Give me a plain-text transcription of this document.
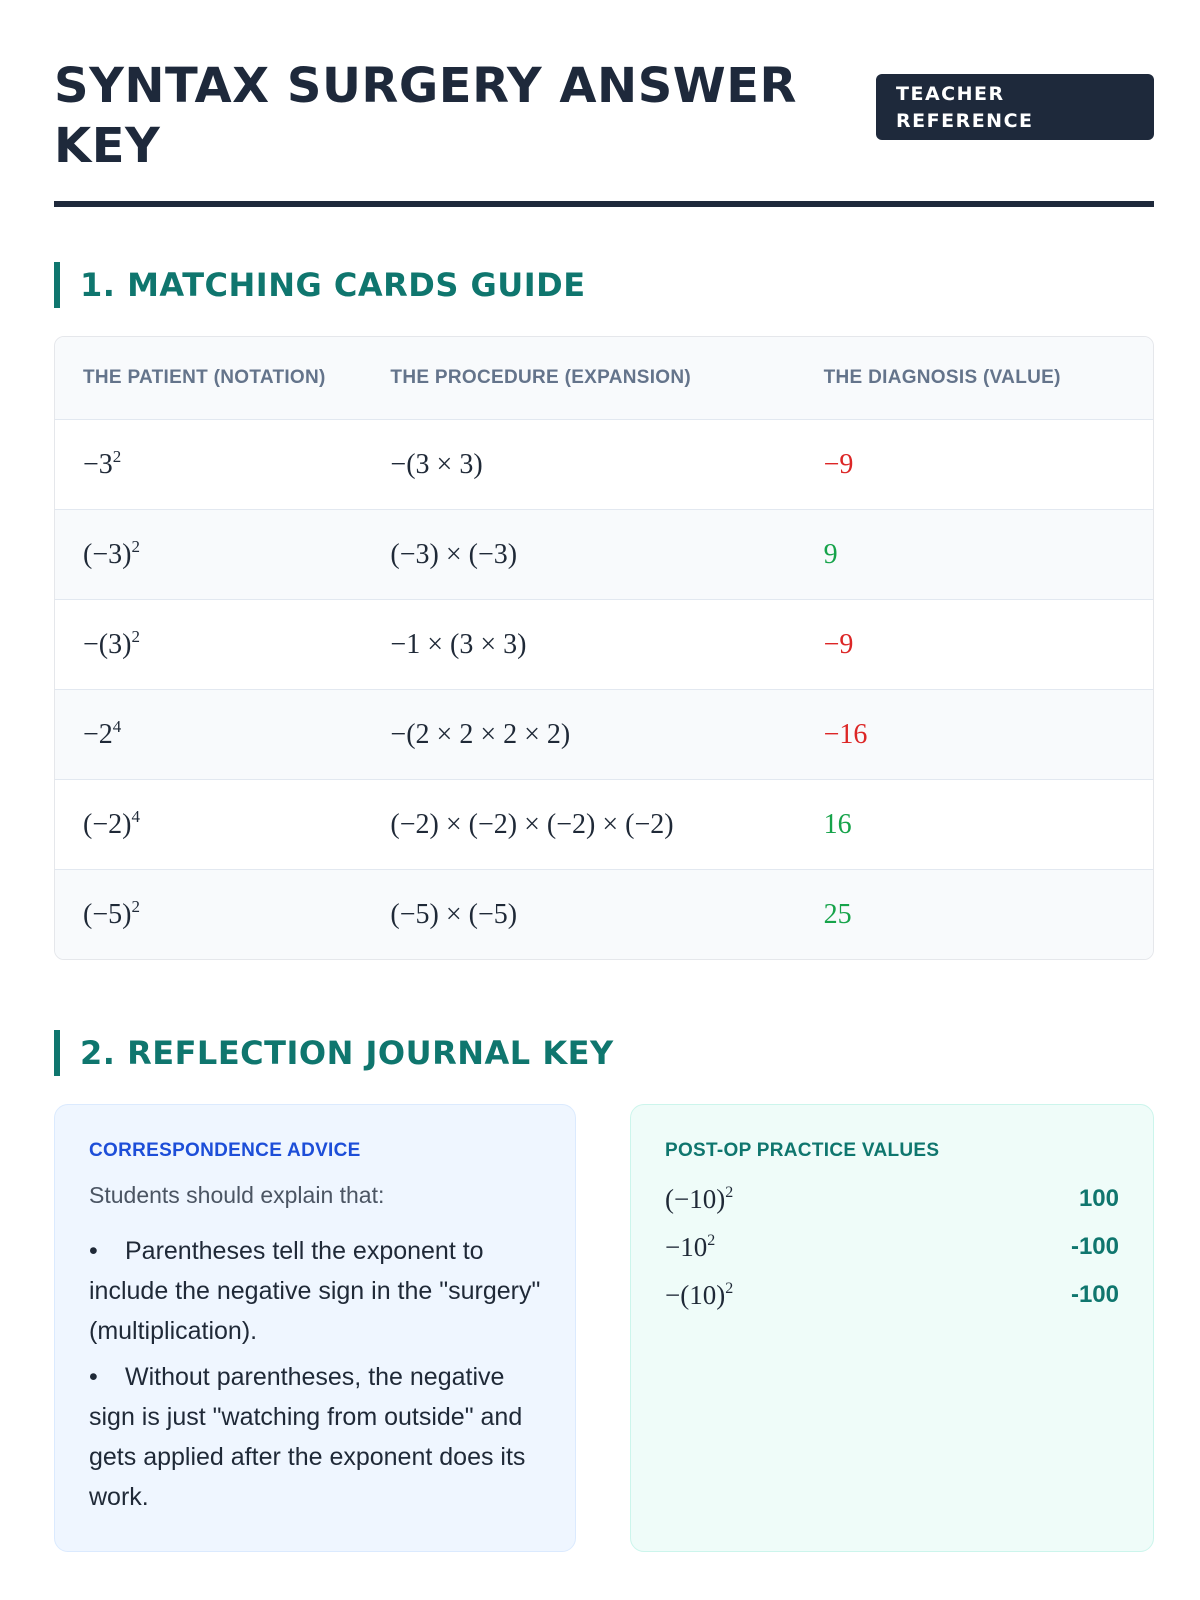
SYNTAX SURGERY ANSWER KEY
TEACHER REFERENCE
1. MATCHING CARDS GUIDE
THE PATIENT (NOTATION)	THE PROCEDURE (EXPANSION)	THE DIAGNOSIS (VALUE)
$-3^2$	−(3 × 3)	−9
$(-3)^2$	(−3) × (−3)	9
$-(3)^2$	−1 × (3 × 3)	−9
$-2^4$	−(2 × 2 × 2 × 2)	−16
$(-2)^4$	(−2) × (−2) × (−2) × (−2)	16
$(-5)^2$	(−5) × (−5)	25
2. REFLECTION JOURNAL KEY
CORRESPONDENCE ADVICE
Students should explain that:
• Parentheses tell the exponent to include the negative sign in the "surgery" (multiplication).
• Without parentheses, the negative sign is just "watching from outside" and gets applied after the exponent does its work.
POST-OP PRACTICE VALUES
$(-10)^2$	100
$-10^2$	-100
$-(10)^2$	-100
